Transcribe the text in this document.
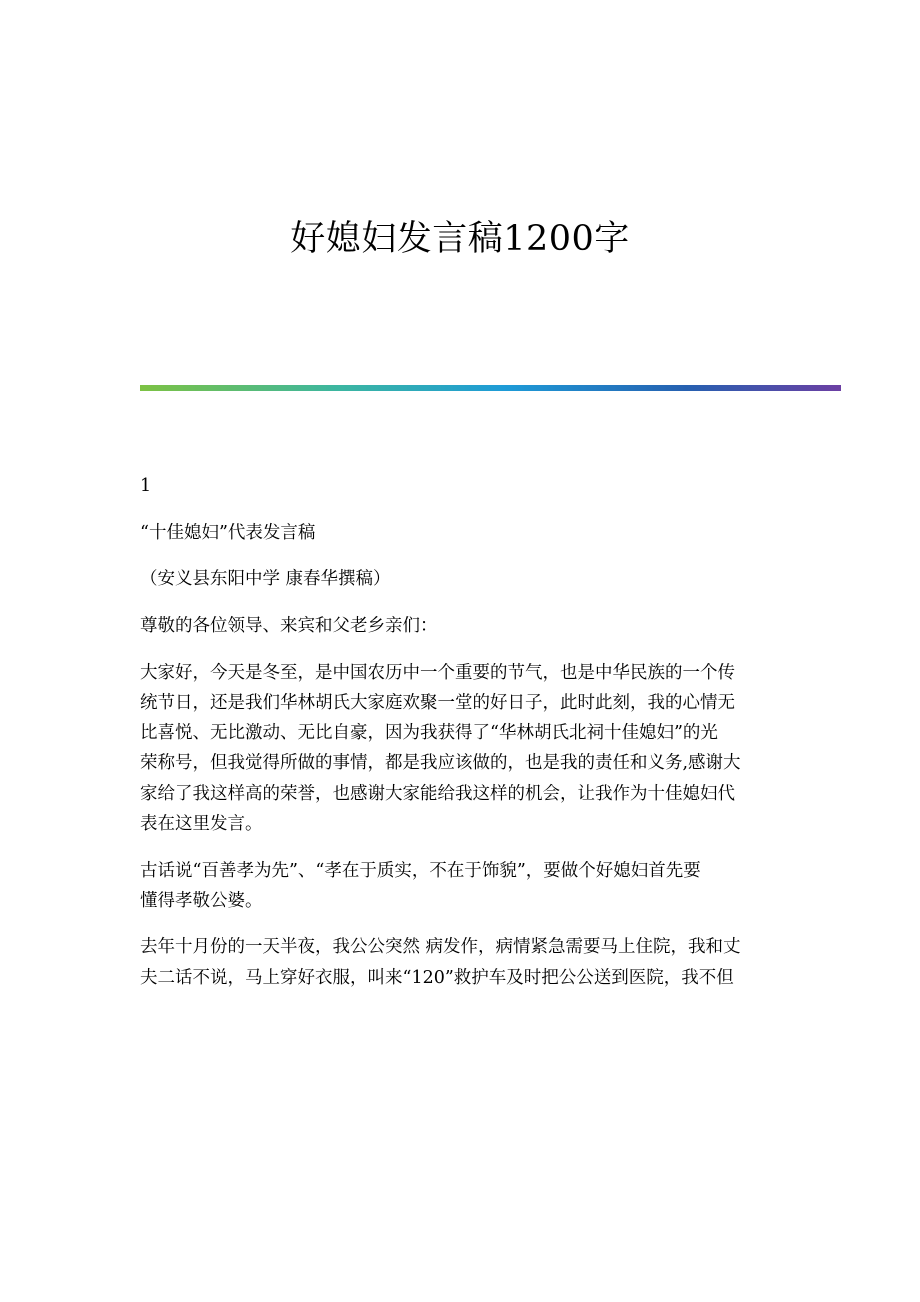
好媳妇发言稿1200字

1

“十佳媳妇”代表发言稿

（安义县东阳中学 康春华撰稿）

尊敬的各位领导、来宾和父老乡亲们：

大家好，今天是冬至，是中国农历中一个重要的节气，也是中华民族的一个传
统节日，还是我们华林胡氏大家庭欢聚一堂的好日子，此时此刻，我的心情无
比喜悦、无比激动、无比自豪，因为我获得了“华林胡氏北祠十佳媳妇”的光
荣称号，但我觉得所做的事情，都是我应该做的，也是我的责任和义务,感谢大
家给了我这样高的荣誉，也感谢大家能给我这样的机会，让我作为十佳媳妇代
表在这里发言。

古话说“百善孝为先”、“孝在于质实，不在于饰貌”，要做个好媳妇首先要
懂得孝敬公婆。

去年十月份的一天半夜，我公公突然 病发作，病情紧急需要马上住院，我和丈
夫二话不说，马上穿好衣服，叫来“120”救护车及时把公公送到医院，我不但
